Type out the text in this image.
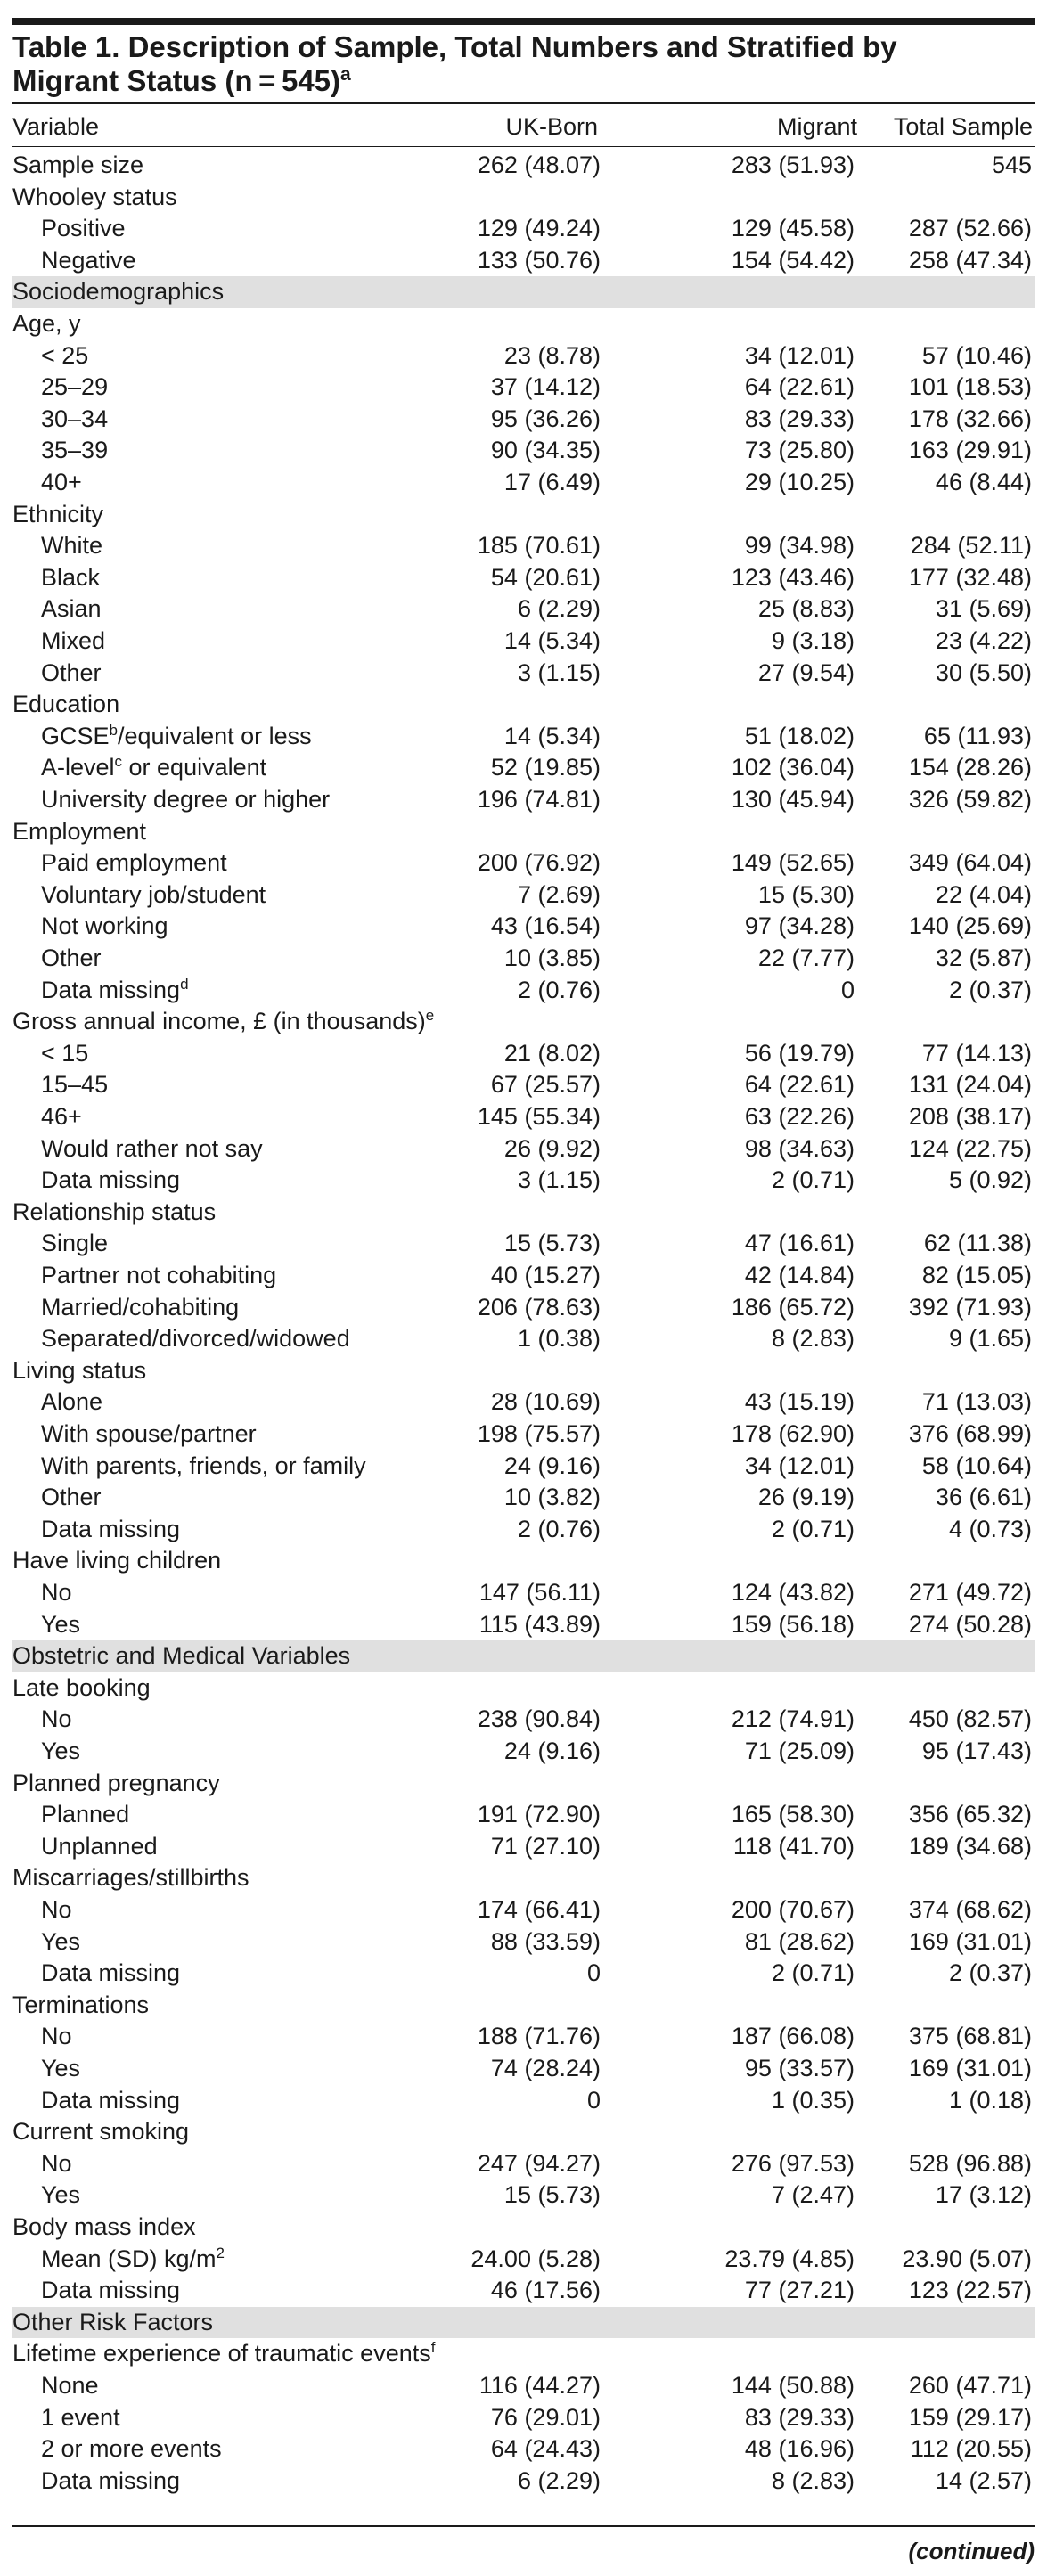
Table 1. Description of Sample, Total Numbers and Stratified by
Migrant Status (n = 545)$^a$
Variable	UK-Born	Migrant Total Sample
Sample size	262 (48.07)	283 (51.93)	545
Whooley status
Positive	129 (49.24)	129 (45.58) 287 (52.66)
Negative	133 (50.76)	154 (54.42) 258 (47.34)
Sociodemographics
Age, y
< 25	23 (8.78)	34 (12.01)	57 (10.46)
25–29	37 (14.12)	64 (22.61) 101 (18.53)
30–34	95 (36.26)	83 (29.33) 178 (32.66)
35–39	90 (34.35)	73 (25.80) 163 (29.91)
40+	17 (6.49)	29 (10.25)	46 (8.44)
Ethnicity
White	185 (70.61)	99 (34.98) 284 (52.11)
Black	54 (20.61)	123 (43.46) 177 (32.48)
Asian	6 (2.29)	25 (8.83)	31 (5.69)
Mixed	14 (5.34)	9 (3.18)	23 (4.22)
Other	3 (1.15)	27 (9.54)	30 (5.50)
Education
GCSE$^b$/equivalent or less	14 (5.34)	51 (18.02)	65 (11.93)
A-level$^c$ or equivalent	52 (19.85)	102 (36.04) 154 (28.26)
University degree or higher	196 (74.81)	130 (45.94) 326 (59.82)
Employment
Paid employment	200 (76.92)	149 (52.65) 349 (64.04)
Voluntary job/student	7 (2.69)	15 (5.30)	22 (4.04)
Not working	43 (16.54)	97 (34.28) 140 (25.69)
Other	10 (3.85)	22 (7.77)	32 (5.87)
Data missing$^d$	2 (0.76)	0	2 (0.37)
Gross annual income, £ (in thousands)$^e$
< 15	21 (8.02)	56 (19.79)	77 (14.13)
15–45	67 (25.57)	64 (22.61) 131 (24.04)
46+	145 (55.34)	63 (22.26) 208 (38.17)
Would rather not say	26 (9.92)	98 (34.63) 124 (22.75)
Data missing	3 (1.15)	2 (0.71)	5 (0.92)
Relationship status
Single	15 (5.73)	47 (16.61)	62 (11.38)
Partner not cohabiting	40 (15.27)	42 (14.84)	82 (15.05)
Married/cohabiting	206 (78.63)	186 (65.72) 392 (71.93)
Separated/divorced/widowed	1 (0.38)	8 (2.83)	9 (1.65)
Living status
Alone	28 (10.69)	43 (15.19)	71 (13.03)
With spouse/partner	198 (75.57)	178 (62.90) 376 (68.99)
With parents, friends, or family	24 (9.16)	34 (12.01)	58 (10.64)
Other	10 (3.82)	26 (9.19)	36 (6.61)
Data missing	2 (0.76)	2 (0.71)	4 (0.73)
Have living children
No	147 (56.11)	124 (43.82) 271 (49.72)
Yes	115 (43.89)	159 (56.18) 274 (50.28)
Obstetric and Medical Variables
Late booking
No	238 (90.84)	212 (74.91) 450 (82.57)
Yes	24 (9.16)	71 (25.09)	95 (17.43)
Planned pregnancy
Planned	191 (72.90)	165 (58.30) 356 (65.32)
Unplanned	71 (27.10)	118 (41.70) 189 (34.68)
Miscarriages/stillbirths
No	174 (66.41)	200 (70.67) 374 (68.62)
Yes	88 (33.59)	81 (28.62) 169 (31.01)
Data missing	0	2 (0.71)	2 (0.37)
Terminations
No	188 (71.76)	187 (66.08) 375 (68.81)
Yes	74 (28.24)	95 (33.57) 169 (31.01)
Data missing	0	1 (0.35)	1 (0.18)
Current smoking
No	247 (94.27)	276 (97.53) 528 (96.88)
Yes	15 (5.73)	7 (2.47)	17 (3.12)
Body mass index
Mean (SD) $kg/m^2$	24.00 (5.28)	23.79 (4.85) 23.90 (5.07)
Data missing	46 (17.56)	77 (27.21) 123 (22.57)
Other Risk Factors
Lifetime experience of traumatic events$^f$
None	116 (44.27)	144 (50.88) 260 (47.71)
1 event	76 (29.01)	83 (29.33) 159 (29.17)
2 or more events	64 (24.43)	48 (16.96) 112 (20.55)
Data missing	6 (2.29)	8 (2.83)	14 (2.57)
(continued)
